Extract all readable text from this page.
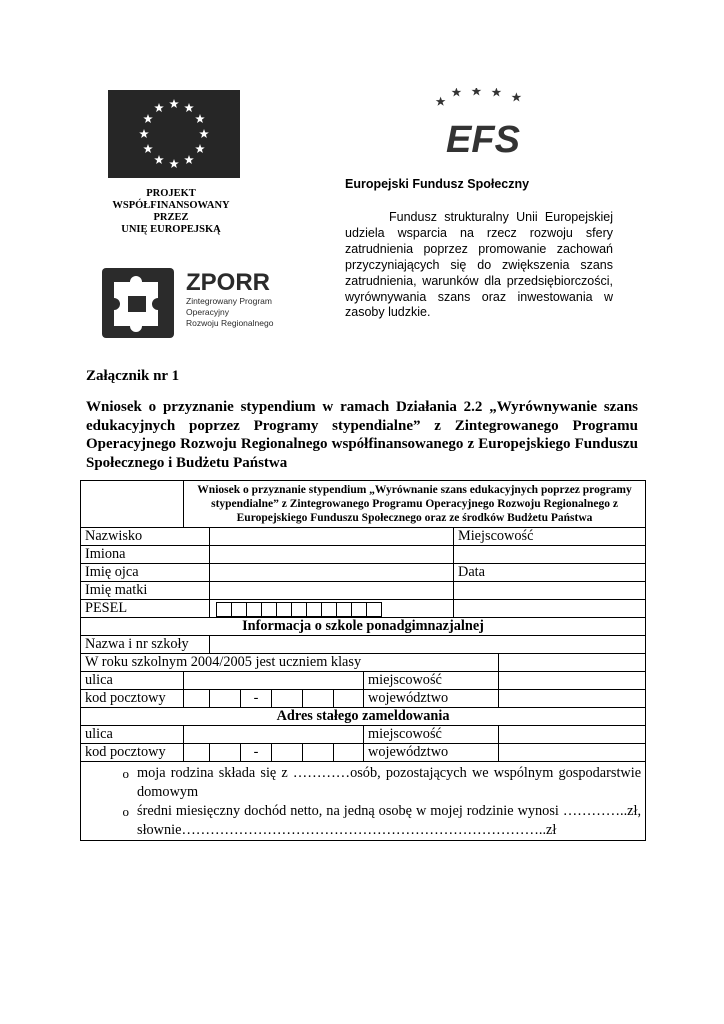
PROJEKT
WSPÓŁFINANSOWANY
PRZEZ
UNIĘ EUROPEJSKĄ
ZPORR
Zintegrowany Program
Operacyjny
Rozwoju Regionalnego
EFS
Europejski Fundusz Społeczny

Fundusz strukturalny Unii Europejskiej udziela wsparcia na rzecz rozwoju sfery zatrudnienia poprzez promowanie zachowań przyczyniających się do zwiększenia szans zatrudnienia, warunków dla przedsiębiorczości, wyrównywania szans oraz inwestowania w zasoby ludzkie.

Załącznik nr 1
Wniosek o przyznanie stypendium w ramach Działania 2.2 „Wyrównywanie szans edukacyjnych poprzez Programy stypendialne” z Zintegrowanego Programu Operacyjnego Rozwoju Regionalnego współfinansowanego z Europejskiego Funduszu Społecznego i Budżetu Państwa
	Wniosek o przyznanie stypendium „Wyrównanie szans edukacyjnych poprzez programy stypendialne” z Zintegrowanego Programu Operacyjnego Rozwoju Regionalnego z Europejskiego Funduszu Społecznego oraz ze środków Budżetu Państwa								
Nazwisko								Miejscowość	
Imiona									
Imię ojca								Data	
Imię matki									
PESEL								

Informacja o szkole ponadgimnazjalnej									
Nazwa i nr szkoły									
W roku szkolnym 2004/2005 jest uczniem klasy									
ulica							miejscowość		
kod pocztowy			-				województwo		
Adres stałego zameldowania									
ulica							miejscowość		
kod pocztowy			-				województwo		

o moja rodzina składa się z …………osób, pozostających we wspólnym gospodarstwie domowym
o średni miesięczny dochód netto, na jedną osobę w mojej rodzinie wynosi …………..zł, słownie…………………………………………………………………..zł									
